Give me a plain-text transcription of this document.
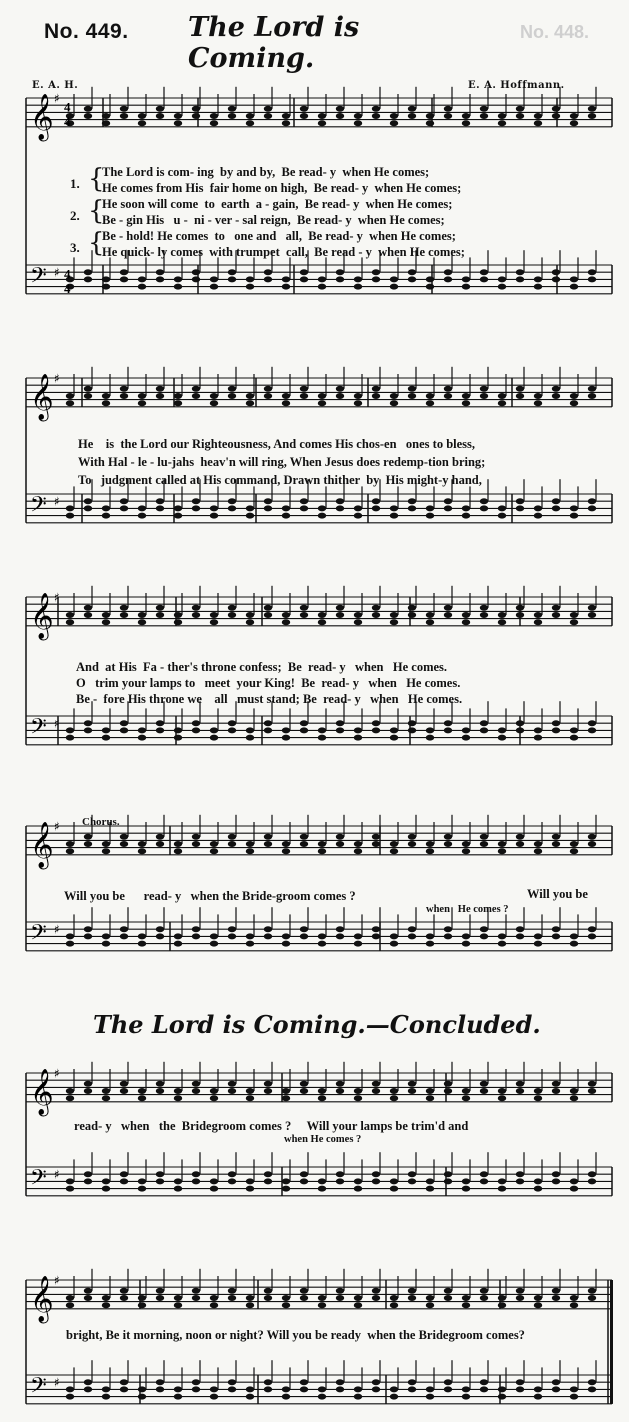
No. 449. The Lord is Coming.
No. 448.
E. A. H.	E. A. Hoffmann.
𝄞 ♯
𝄢 ♯
4
4
4
4
𝄞 ♯
𝄢 ♯
𝄞 ♯
𝄢 ♯
𝄞 ♯
𝄢 ♯
𝄞 ♯
𝄢 ♯
𝄞 ♯
𝄢 ♯
1. {
The Lord is com- ing  by and by,  Be read- y  when He comes;
He comes from His  fair home on high,  Be read- y  when He comes;
2. {
He soon will come  to  earth  a - gain,  Be read- y  when He comes;
Be - gin His   u -  ni - ver - sal reign,  Be read- y  when He comes;
3. {
Be - hold! He comes  to   one and   all,  Be read- y  when He comes;
He quick- ly comes  with trumpet  call,  Be read - y  when He comes;
He    is  the Lord our Righteousness, And comes His chos-en   ones to bless,
With Hal - le - lu-jahs  heav'n will ring, When Jesus does redemp-tion bring;
To   judgment called at His command, Drawn thither  by  His might-y hand,
And  at His  Fa - ther's throne confess;  Be  read- y   when   He comes.
O   trim your lamps to   meet  your King!  Be  read- y   when   He comes.
Be -  fore His throne we    all   must stand; Be  read- y   when   He comes.
Chorus.
Will you be      read- y   when the Bride-groom comes ?	Will you be
when   He comes ?
The Lord is Coming.—Concluded.
read- y   when   the  Bridegroom comes ?     Will your lamps be trim'd and
when He comes ?
bright, Be it morning, noon or night? Will you be ready  when the Bridegroom comes?
